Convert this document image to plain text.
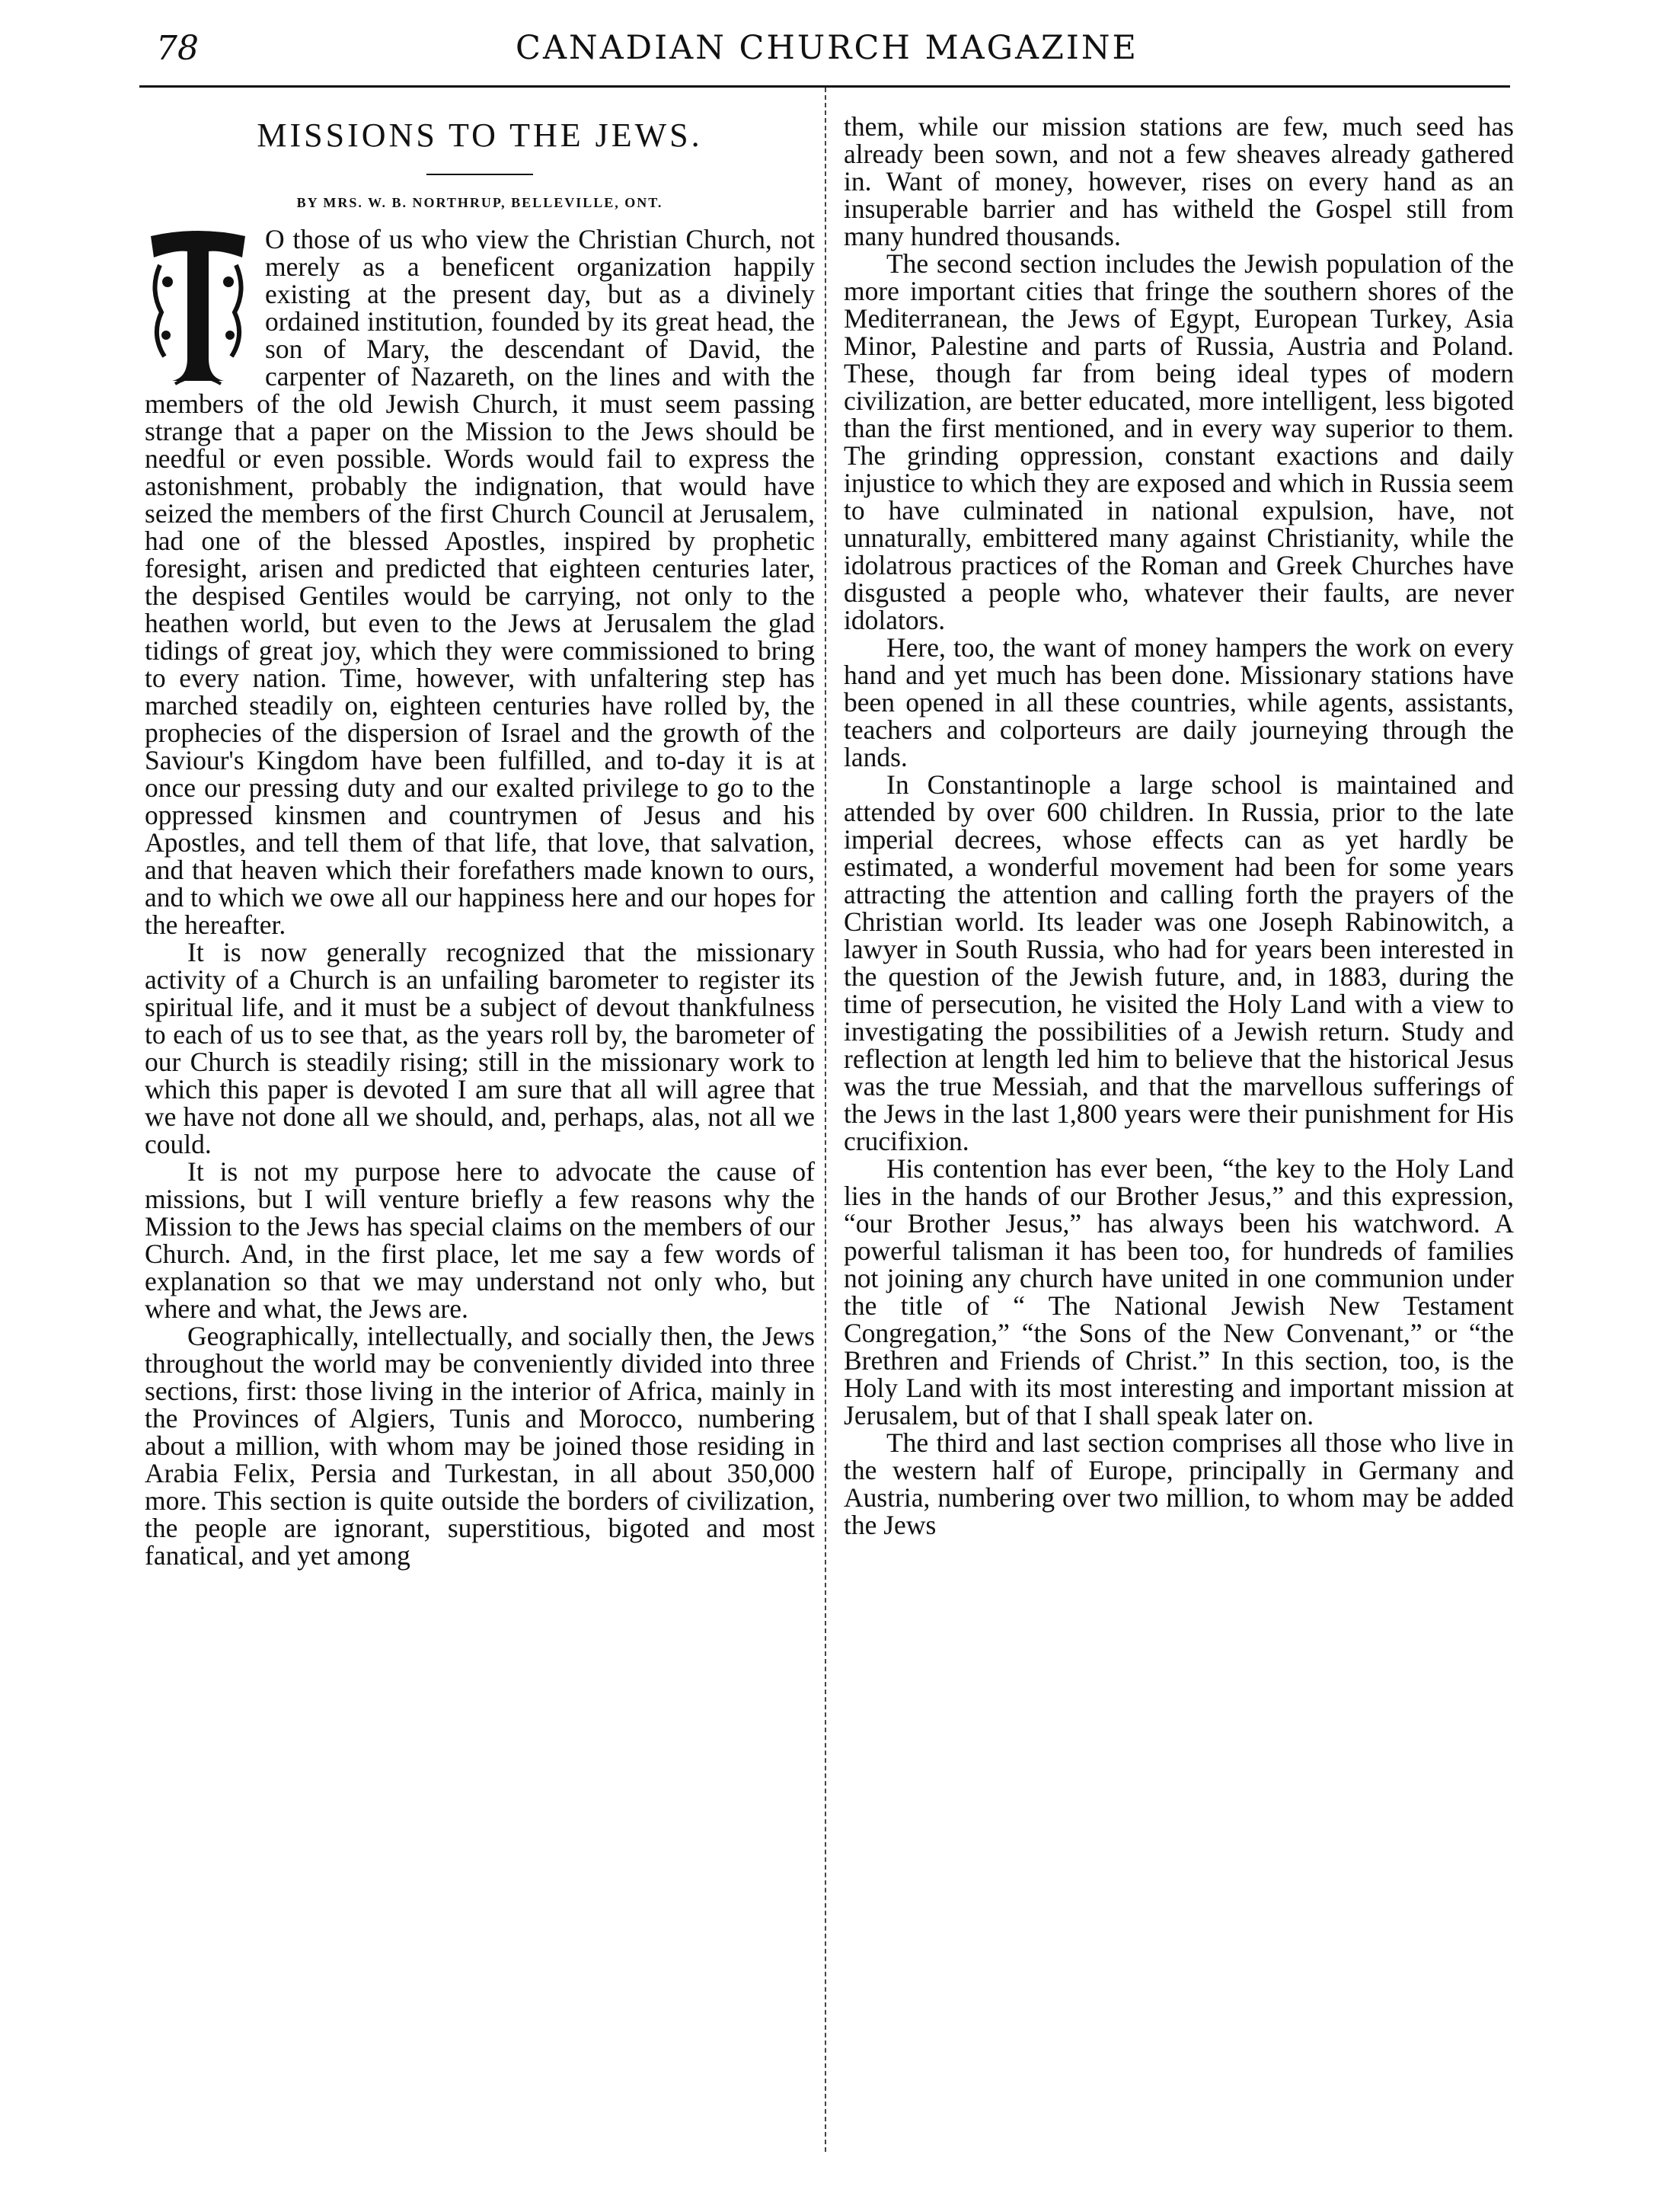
78	CANADIAN CHURCH MAGAZINE
MISSIONS TO THE JEWS.
BY MRS. W. B. NORTHRUP, BELLEVILLE, ONT.

O those of us who view the Christian Church, not merely as a beneficent organization happily existing at the present day, but as a divinely ordained institution, founded by its great head, the son of Mary, the descendant of David, the carpenter of Nazareth, on the lines and with the members of the old Jewish Church, it must seem passing strange that a paper on the Mission to the Jews should be needful or even possible. Words would fail to express the astonishment, probably the indignation, that would have seized the members of the first Church Council at Jerusalem, had one of the blessed Apostles, inspired by prophetic foresight, arisen and predicted that eighteen centuries later, the despised Gentiles would be carrying, not only to the heathen world, but even to the Jews at Jerusalem the glad tidings of great joy, which they were commissioned to bring to every nation. Time, however, with unfaltering step has marched steadily on, eighteen centuries have rolled by, the prophecies of the dispersion of Israel and the growth of the Saviour's Kingdom have been fulfilled, and to-day it is at once our pressing duty and our exalted privilege to go to the oppressed kinsmen and countrymen of Jesus and his Apostles, and tell them of that life, that love, that salvation, and that heaven which their forefathers made known to ours, and to which we owe all our happiness here and our hopes for the hereafter.

It is now generally recognized that the missionary activity of a Church is an unfailing barometer to register its spiritual life, and it must be a subject of devout thankfulness to each of us to see that, as the years roll by, the barometer of our Church is steadily rising; still in the missionary work to which this paper is devoted I am sure that all will agree that we have not done all we should, and, perhaps, alas, not all we could.

It is not my purpose here to advocate the cause of missions, but I will venture briefly a few reasons why the Mission to the Jews has special claims on the members of our Church. And, in the first place, let me say a few words of explanation so that we may understand not only who, but where and what, the Jews are.

Geographically, intellectually, and socially then, the Jews throughout the world may be conveniently divided into three sections, first: those living in the interior of Africa, mainly in the Provinces of Algiers, Tunis and Morocco, numbering about a million, with whom may be joined those residing in Arabia Felix, Persia and Turkestan, in all about 350,000 more. This section is quite outside the borders of civilization, the people are ignorant, superstitious, bigoted and most fanatical, and yet among

them, while our mission stations are few, much seed has already been sown, and not a few sheaves already gathered in. Want of money, however, rises on every hand as an insuperable barrier and has witheld the Gospel still from many hundred thousands.

The second section includes the Jewish population of the more important cities that fringe the southern shores of the Mediterranean, the Jews of Egypt, European Turkey, Asia Minor, Palestine and parts of Russia, Austria and Poland. These, though far from being ideal types of modern civilization, are better educated, more intelligent, less bigoted than the first mentioned, and in every way superior to them. The grinding oppression, constant exactions and daily injustice to which they are exposed and which in Russia seem to have culminated in national expulsion, have, not unnaturally, embittered many against Christianity, while the idolatrous practices of the Roman and Greek Churches have disgusted a people who, whatever their faults, are never idolators.

Here, too, the want of money hampers the work on every hand and yet much has been done. Missionary stations have been opened in all these countries, while agents, assistants, teachers and colporteurs are daily journeying through the lands.

In Constantinople a large school is maintained and attended by over 600 children. In Russia, prior to the late imperial decrees, whose effects can as yet hardly be estimated, a wonderful movement had been for some years attracting the attention and calling forth the prayers of the Christian world. Its leader was one Joseph Rabinowitch, a lawyer in South Russia, who had for years been interested in the question of the Jewish future, and, in 1883, during the time of persecution, he visited the Holy Land with a view to investigating the possibilities of a Jewish return. Study and reflection at length led him to believe that the historical Jesus was the true Messiah, and that the marvellous sufferings of the Jews in the last 1,800 years were their punishment for His crucifixion.

His contention has ever been, “the key to the Holy Land lies in the hands of our Brother Jesus,” and this expression, “our Brother Jesus,” has always been his watchword. A powerful talisman it has been too, for hundreds of families not joining any church have united in one communion under the title of “ The National Jewish New Testament Congregation,” “the Sons of the New Convenant,” or “the Brethren and Friends of Christ.” In this section, too, is the Holy Land with its most interesting and important mission at Jerusalem, but of that I shall speak later on.

The third and last section comprises all those who live in the western half of Europe, principally in Germany and Austria, numbering over two million, to whom may be added the Jews
